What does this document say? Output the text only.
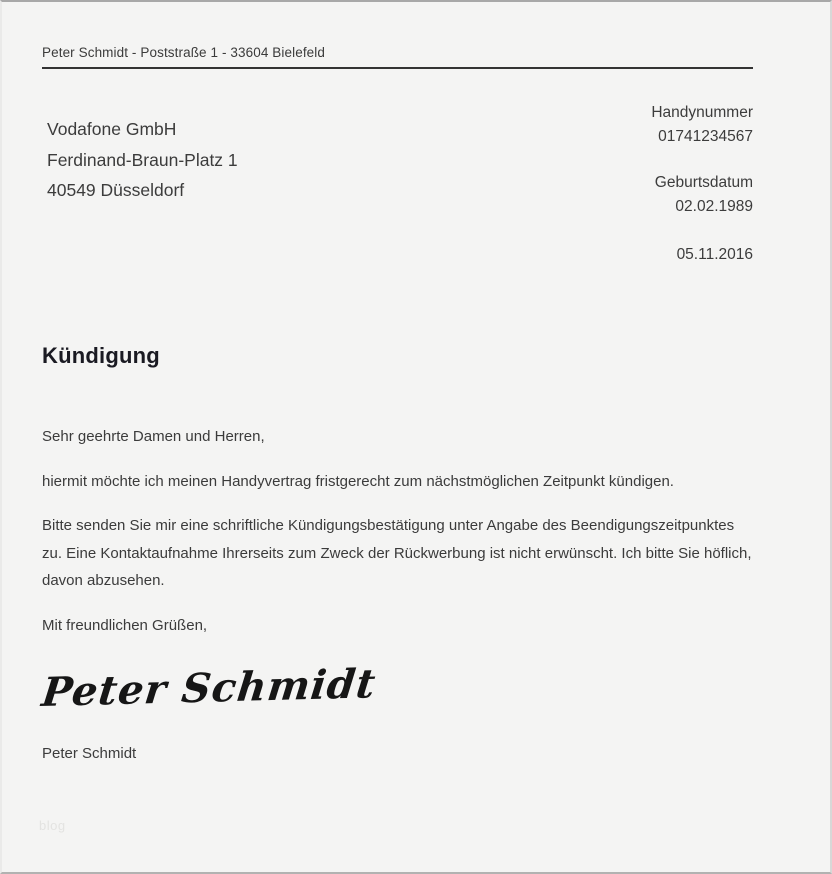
Peter Schmidt - Poststraße 1 - 33604 Bielefeld
Vodafone GmbH
Ferdinand-Braun-Platz 1
40549 Düsseldorf
Handynummer
01741234567
Geburtsdatum
02.02.1989
05.11.2016
Kündigung

Sehr geehrte Damen und Herren,

hiermit möchte ich meinen Handyvertrag fristgerecht zum nächstmöglichen Zeitpunkt kündigen.

Bitte senden Sie mir eine schriftliche Kündigungsbestätigung unter Angabe des Beendigungszeitpunktes zu. Eine Kontaktaufnahme Ihrerseits zum Zweck der Rückwerbung ist nicht erwünscht. Ich bitte Sie höflich, davon abzusehen.

Mit freundlichen Grüßen,

Peter Schmidt
Peter Schmidt
blog
